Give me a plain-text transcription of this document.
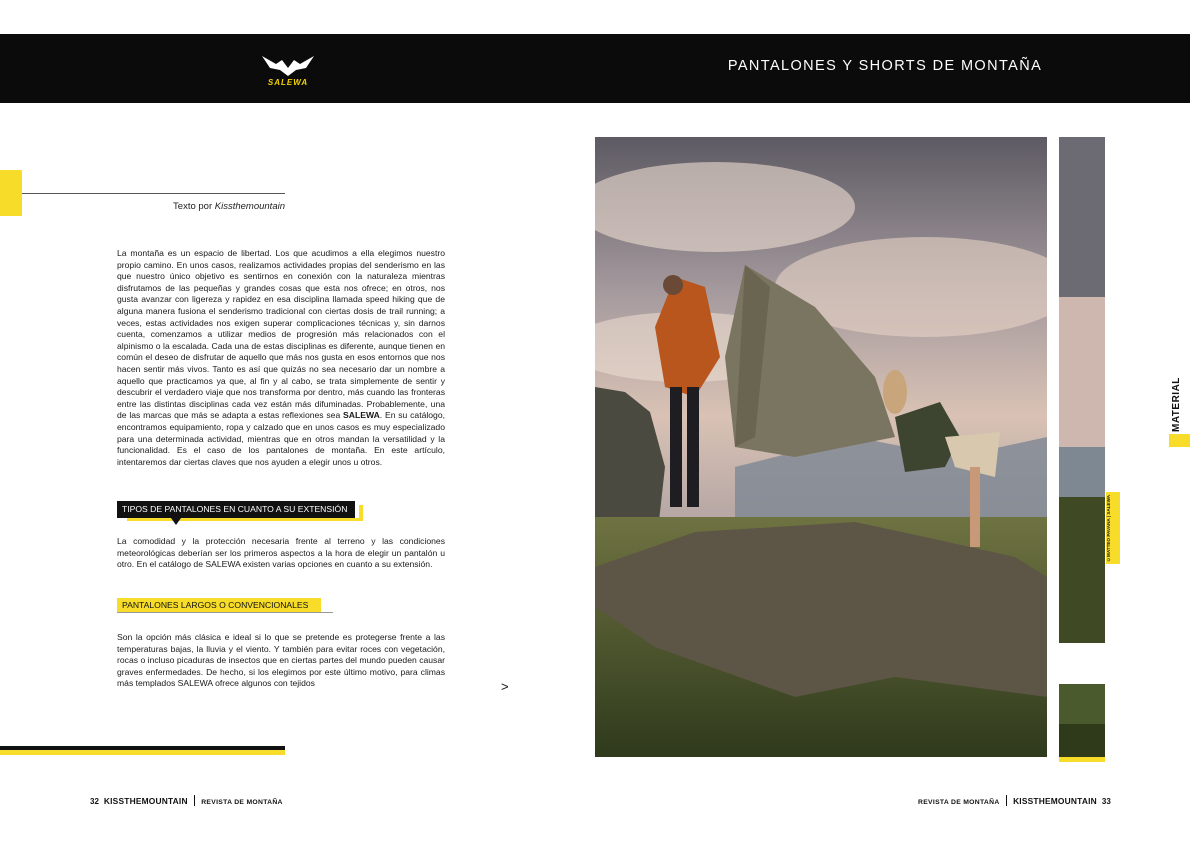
SALEWA
PANTALONES Y SHORTS DE MONTAÑA
Texto por Kissthemountain

La montaña es un espacio de libertad. Los que acudimos a ella elegimos nuestro propio camino. En unos casos, realizamos actividades propias del senderismo en las que nuestro único objetivo es sentirnos en conexión con la naturaleza mientras disfrutamos de las pequeñas y grandes cosas que esta nos ofrece; en otros, nos gusta avanzar con ligereza y rapidez en esa disciplina llamada speed hiking que de alguna manera fusiona el senderismo tradicional con ciertas dosis de trail running; a veces, estas actividades nos exigen superar complicaciones técnicas y, sin darnos cuenta, comenzamos a utilizar medios de progresión más relacionados con el alpinismo o la escalada. Cada una de estas disciplinas es diferente, aunque tienen en común el deseo de disfrutar de aquello que más nos gusta en esos entornos que nos hacen sentir más vivos. Tanto es así que quizás no sea necesario dar un nombre a aquello que practicamos ya que, al fin y al cabo, se trata simplemente de sentir y descubrir el verdadero viaje que nos transforma por dentro, más cuando las fronteras entre las distintas disciplinas cada vez están más difuminadas. Probablemente, una de las marcas que más se adapta a estas reflexiones sea SALEWA. En su catálogo, encontramos equipamiento, ropa y calzado que en unos casos es muy especializado para una determinada actividad, mientras que en otros mandan la versatilidad y la funcionalidad. Es el caso de los pantalones de montaña. En este artículo, intentaremos dar ciertas claves que nos ayuden a elegir unos u otros.

TIPOS DE PANTALONES EN CUANTO A SU EXTENSIÓN

La comodidad y la protección necesaria frente al terreno y las condiciones meteorológicas deberían ser los primeros aspectos a la hora de elegir un pantalón u otro. En el catálogo de SALEWA existen varias opciones en cuanto a su extensión.

PANTALONES LARGOS O CONVENCIONALES

Son la opción más clásica e ideal si lo que se pretende es protegerse frente a las temperaturas bajas, la lluvia y el viento. Y también para evitar roces con vegetación, rocas o incluso picaduras de insectos que en ciertas partes del mundo pueden causar graves enfermedades. De hecho, si los elegimos por este último motivo, para climas más templados SALEWA ofrece algunos con tejidos	>
32 KISSTHEMOUNTAIN REVISTA DE MONTAÑA
©MATTEO PAVANA | SALEWA
MATERIAL
REVISTA DE MONTAÑA KISSTHEMOUNTAIN 33
